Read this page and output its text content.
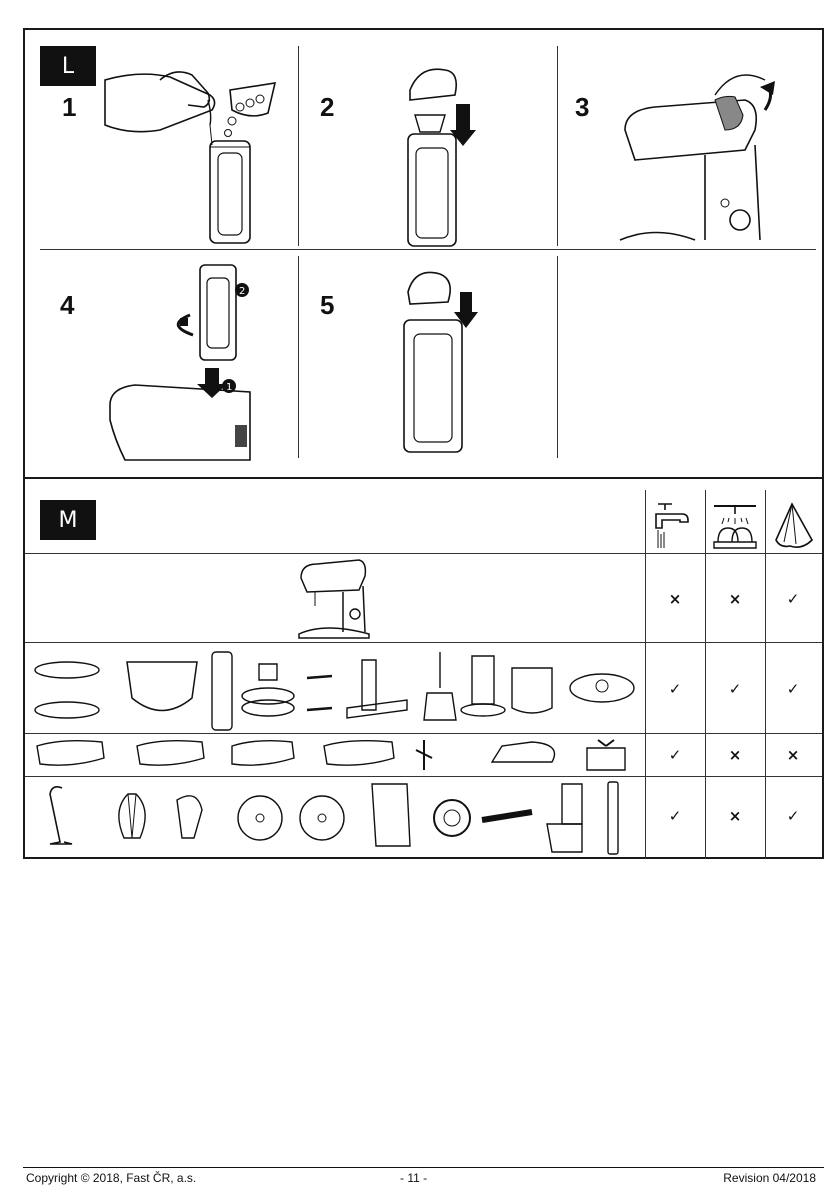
L
1	2	3
4	5
2
1
M
×	×	✓
✓	✓	✓
✓	×	×
✓	×	✓
Copyright © 2018, Fast ČR, a.s.	- 11 -	Revision 04/2018
